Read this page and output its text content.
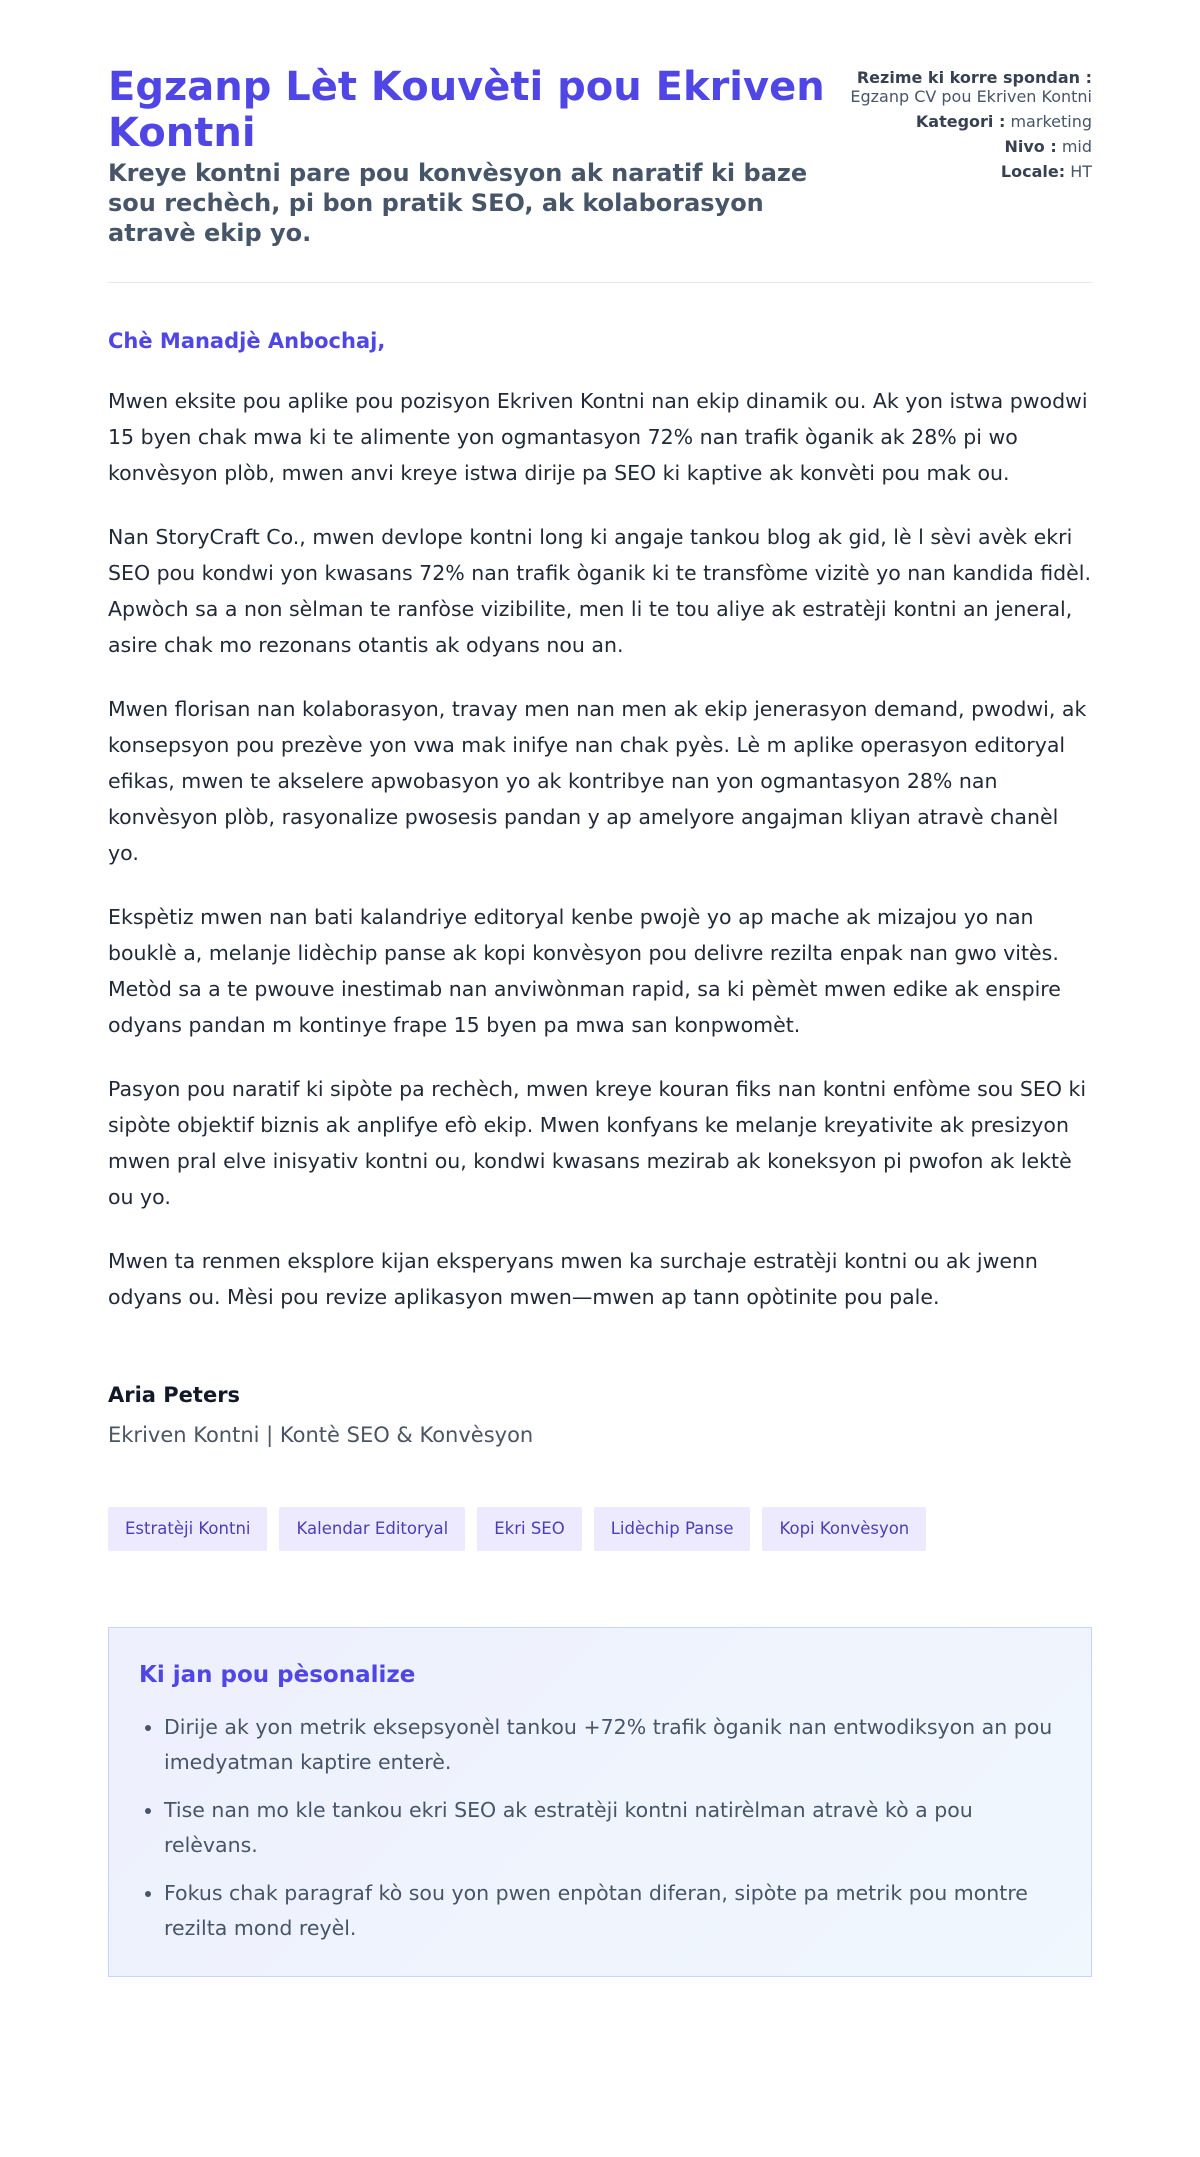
Egzanp Lèt Kouvèti pou Ekriven Kontni
Kreye kontni pare pou konvèsyon ak naratif ki baze sou rechèch, pi bon pratik SEO, ak kolaborasyon atravè ekip yo.
Rezime ki korre spondan : Egzanp CV pou Ekriven Kontni
Kategori : marketing
Nivo : mid
Locale: HT

Chè Manadjè Anbochaj,

Mwen eksite pou aplike pou pozisyon Ekriven Kontni nan ekip dinamik ou. Ak yon istwa pwodwi 15 byen chak mwa ki te alimente yon ogmantasyon 72% nan trafik òganik ak 28% pi wo konvèsyon plòb, mwen anvi kreye istwa dirije pa SEO ki kaptive ak konvèti pou mak ou.

Nan StoryCraft Co., mwen devlope kontni long ki angaje tankou blog ak gid, lè l sèvi avèk ekri SEO pou kondwi yon kwasans 72% nan trafik òganik ki te transfòme vizitè yo nan kandida fidèl. Apwòch sa a non sèlman te ranfòse vizibilite, men li te tou aliye ak estratèji kontni an jeneral, asire chak mo rezonans otantis ak odyans nou an.

Mwen florisan nan kolaborasyon, travay men nan men ak ekip jenerasyon demand, pwodwi, ak konsepsyon pou prezève yon vwa mak inifye nan chak pyès. Lè m aplike operasyon editoryal efikas, mwen te akselere apwobasyon yo ak kontribye nan yon ogmantasyon 28% nan konvèsyon plòb, rasyonalize pwosesis pandan y ap amelyore angajman kliyan atravè chanèl yo.

Ekspètiz mwen nan bati kalandriye editoryal kenbe pwojè yo ap mache ak mizajou yo nan bouklè a, melanje lidèchip panse ak kopi konvèsyon pou delivre rezilta enpak nan gwo vitès. Metòd sa a te pwouve inestimab nan anviwònman rapid, sa ki pèmèt mwen edike ak enspire odyans pandan m kontinye frape 15 byen pa mwa san konpwomèt.

Pasyon pou naratif ki sipòte pa rechèch, mwen kreye kouran fiks nan kontni enfòme sou SEO ki sipòte objektif biznis ak anplifye efò ekip. Mwen konfyans ke melanje kreyativite ak presizyon mwen pral elve inisyativ kontni ou, kondwi kwasans mezirab ak koneksyon pi pwofon ak lektè ou yo.

Mwen ta renmen eksplore kijan eksperyans mwen ka surchaje estratèji kontni ou ak jwenn odyans ou. Mèsi pou revize aplikasyon mwen—mwen ap tann opòtinite pou pale.

Aria Peters

Ekriven Kontni | Kontè SEO & Konvèsyon

Estratèji Kontni	Kalendar Editoryal	Ekri SEO	Lidèchip Panse	Kopi Konvèsyon
Ki jan pou pèsonalize
• Dirije ak yon metrik eksepsyonèl tankou +72% trafik òganik nan entwodiksyon an pou imedyatman kaptire enterè.
• Tise nan mo kle tankou ekri SEO ak estratèji kontni natirèlman atravè kò a pou relèvans.
• Fokus chak paragraf kò sou yon pwen enpòtan diferan, sipòte pa metrik pou montre rezilta mond reyèl.
